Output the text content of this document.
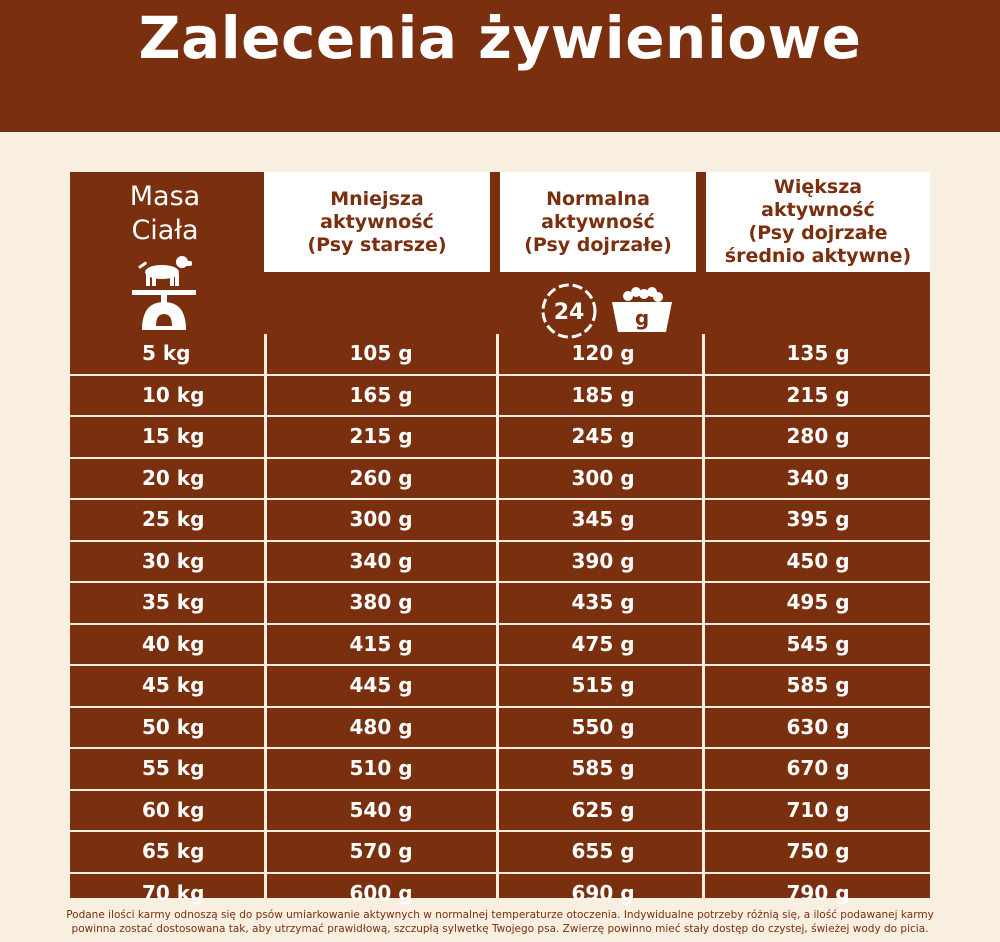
Zalecenia żywieniowe
Masa
Ciała
Mniejsza
aktywność
(Psy starsze)
Normalna
aktywność
(Psy dojrzałe)
Większa
aktywność
(Psy dojrzałe
średnio aktywne)
24	g
5 kg	105 g	120 g	135 g
10 kg	165 g	185 g	215 g
15 kg	215 g	245 g	280 g
20 kg	260 g	300 g	340 g
25 kg	300 g	345 g	395 g
30 kg	340 g	390 g	450 g
35 kg	380 g	435 g	495 g
40 kg	415 g	475 g	545 g
45 kg	445 g	515 g	585 g
50 kg	480 g	550 g	630 g
55 kg	510 g	585 g	670 g
60 kg	540 g	625 g	710 g
65 kg	570 g	655 g	750 g
70 kg	600 g	690 g	790 g
Podane ilości karmy odnoszą się do psów umiarkowanie aktywnych w normalnej temperaturze otoczenia. Indywidualne potrzeby różnią się, a ilość podawanej karmy
powinna zostać dostosowana tak, aby utrzymać prawidłową, szczupłą sylwetkę Twojego psa. Zwierzę powinno mieć stały dostęp do czystej, świeżej wody do picia.
